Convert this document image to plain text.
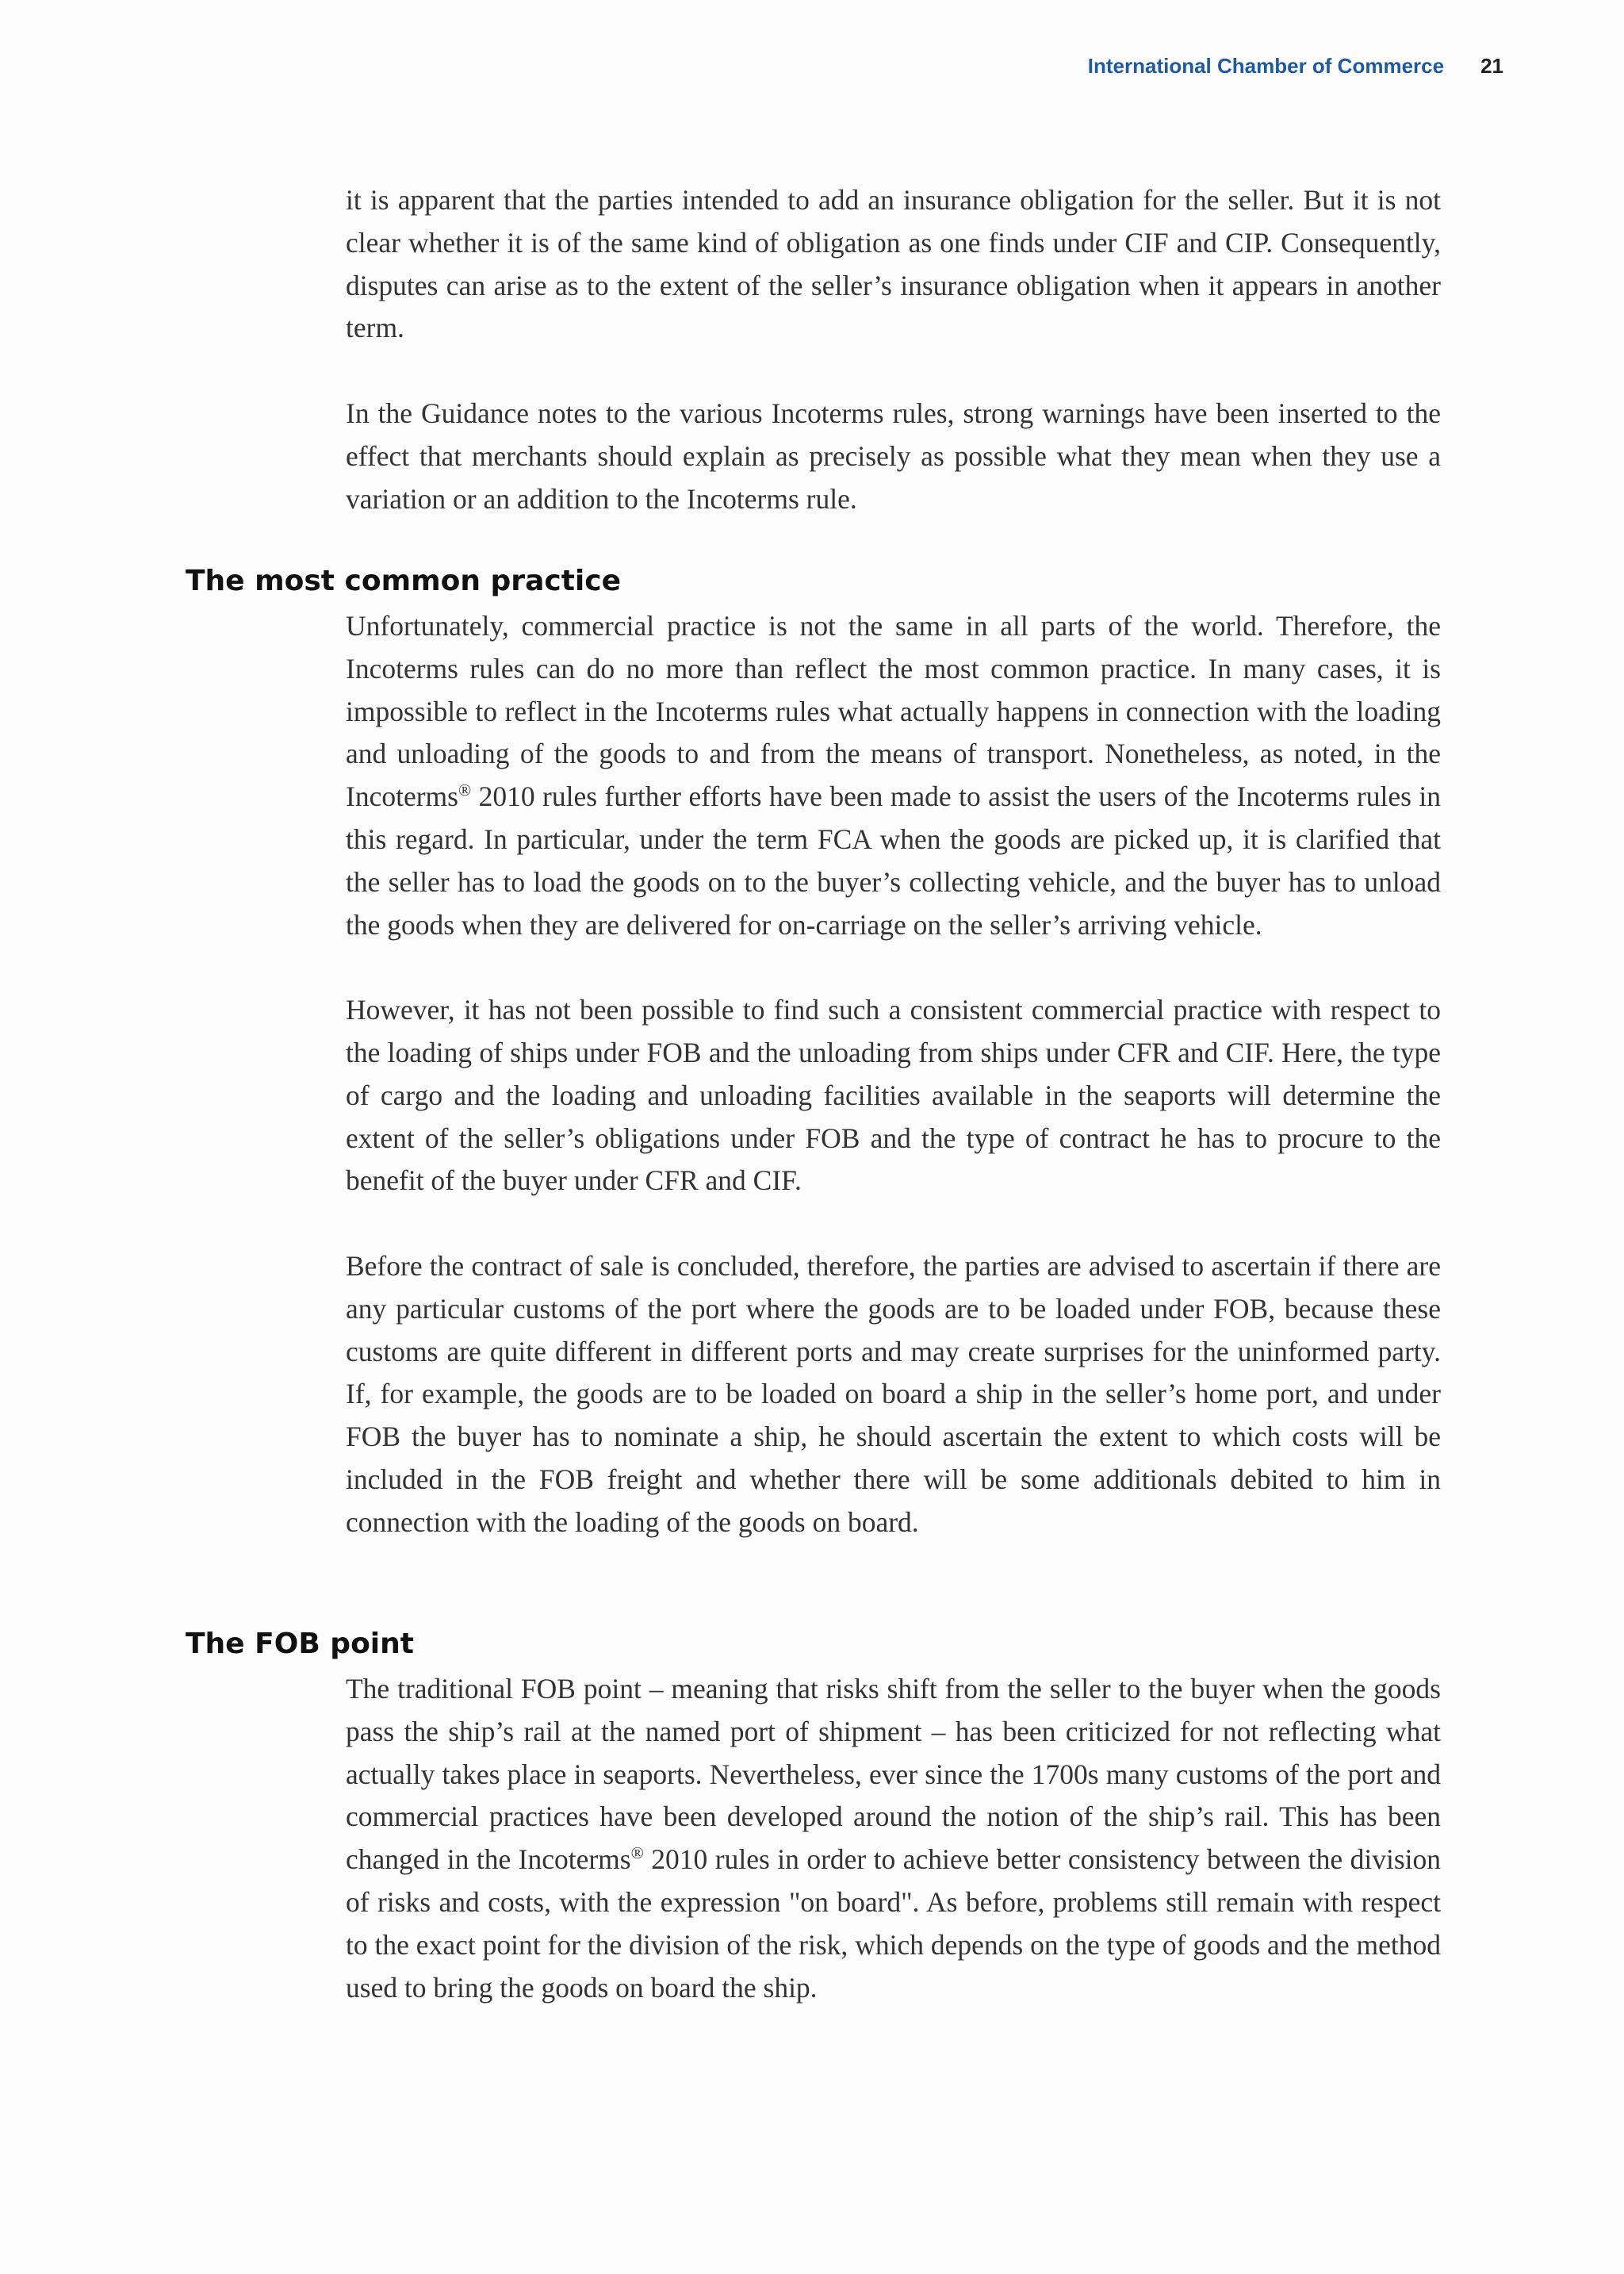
International Chamber of Commerce 21

it is apparent that the parties intended to add an insurance obligation for the seller. But it is not clear whether it is of the same kind of obligation as one finds under CIF and CIP. Consequently, disputes can arise as to the extent of the seller’s insurance obligation when it appears in another term.

In the Guidance notes to the various Incoterms rules, strong warnings have been inserted to the effect that merchants should explain as precisely as possible what they mean when they use a variation or an addition to the Incoterms rule.

The most common practice

Unfortunately, commercial practice is not the same in all parts of the world. Therefore, the Incoterms rules can do no more than reflect the most common practice. In many cases, it is impossible to reflect in the Incoterms rules what actually happens in connection with the loading and unloading of the goods to and from the means of transport. Nonetheless, as noted, in the Incoterms® 2010 rules further efforts have been made to assist the users of the Incoterms rules in this regard. In particular, under the term FCA when the goods are picked up, it is clarified that the seller has to load the goods on to the buyer’s collecting vehicle, and the buyer has to unload the goods when they are delivered for on-carriage on the seller’s arriving vehicle.

However, it has not been possible to find such a consistent commercial practice with respect to the loading of ships under FOB and the unloading from ships under CFR and CIF. Here, the type of cargo and the loading and unloading facilities available in the seaports will determine the extent of the seller’s obligations under FOB and the type of contract he has to procure to the benefit of the buyer under CFR and CIF.

Before the contract of sale is concluded, therefore, the parties are advised to ascertain if there are any particular customs of the port where the goods are to be loaded under FOB, because these customs are quite different in different ports and may create surprises for the uninformed party. If, for example, the goods are to be loaded on board a ship in the seller’s home port, and under FOB the buyer has to nominate a ship, he should ascertain the extent to which costs will be included in the FOB freight and whether there will be some additionals debited to him in connection with the loading of the goods on board.

The FOB point

The traditional FOB point – meaning that risks shift from the seller to the buyer when the goods pass the ship’s rail at the named port of shipment – has been criticized for not reflecting what actually takes place in seaports. Nevertheless, ever since the 1700s many customs of the port and commercial practices have been developed around the notion of the ship’s rail. This has been changed in the Incoterms® 2010 rules in order to achieve better consistency between the division of risks and costs, with the expression "on board". As before, problems still remain with respect to the exact point for the division of the risk, which depends on the type of goods and the method used to bring the goods on board the ship.
